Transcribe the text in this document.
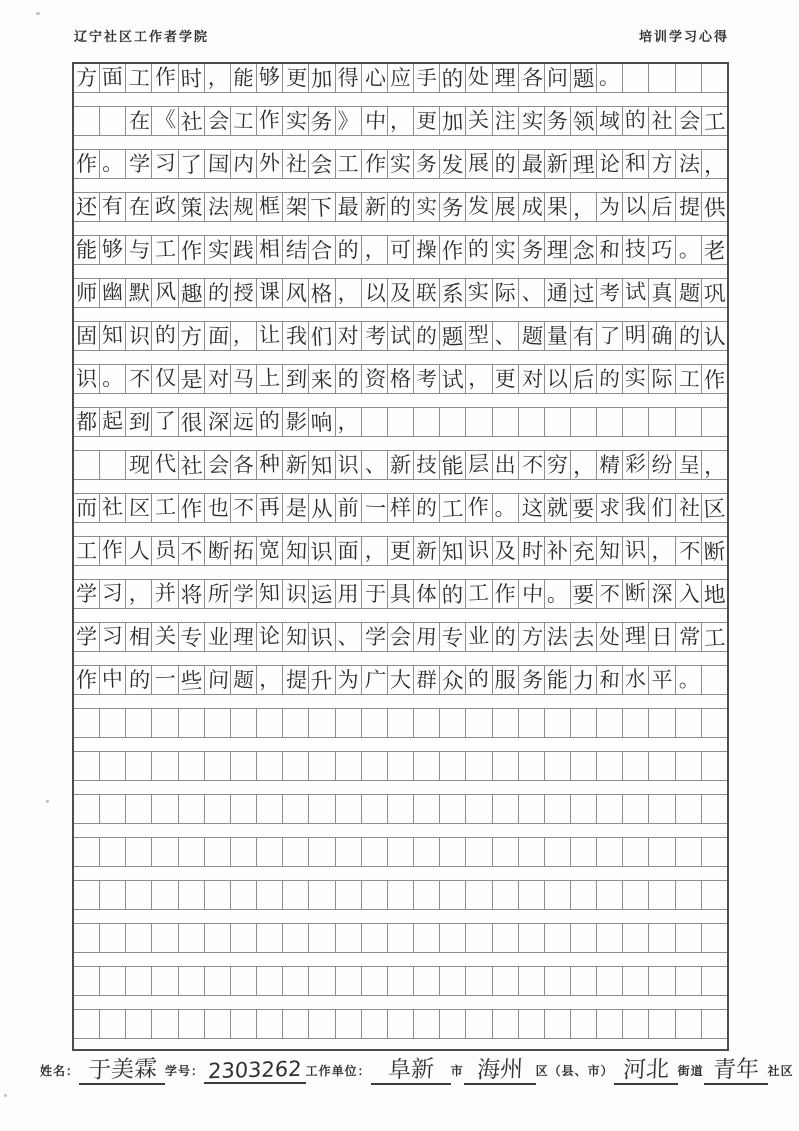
辽宁社区工作者学院	培训学习心得
方 面 工 作 时 ， 能 够 更 加 得 心 应 手 的 处 理 各 问 题 。
在 《 社 会 工 作 实 务 》 中 ， 更 加 关 注 实 务 领 域 的 社 会 工
作 。 学 习 了 国 内 外 社 会 工 作 实 务 发 展 的 最 新 理 论 和 方 法 ，
还 有 在 政 策 法 规 框 架 下 最 新 的 实 务 发 展 成 果 ， 为 以 后 提 供
能 够 与 工 作 实 践 相 结 合 的 ， 可 操 作 的 实 务 理 念 和 技 巧 。 老
师 幽 默 风 趣 的 授 课 风 格 ， 以 及 联 系 实 际 、 通 过 考 试 真 题 巩
固 知 识 的 方 面 ， 让 我 们 对 考 试 的 题 型 、 题 量 有 了 明 确 的 认
识 。 不 仅 是 对 马 上 到 来 的 资 格 考 试 ， 更 对 以 后 的 实 际 工 作
都 起 到 了 很 深 远 的 影 响 ，
现 代 社 会 各 种 新 知 识 、 新 技 能 层 出 不 穷 ， 精 彩 纷 呈 ，
而 社 区 工 作 也 不 再 是 从 前 一 样 的 工 作 。 这 就 要 求 我 们 社 区
工 作 人 员 不 断 拓 宽 知 识 面 ， 更 新 知 识 及 时 补 充 知 识 ， 不 断
学 习 ， 并 将 所 学 知 识 运 用 于 具 体 的 工 作 中 。 要 不 断 深 入 地
学 习 相 关 专 业 理 论 知 识 、 学 会 用 专 业 的 方 法 去 处 理 日 常 工
作 中 的 一 些 问 题 ， 提 升 为 广 大 群 众 的 服 务 能 力 和 水 平 。
姓名： 于美霖 学号： 2303262 工作单位： 阜新	市 海州	区（县、市） 河北 街道 青年 社区
